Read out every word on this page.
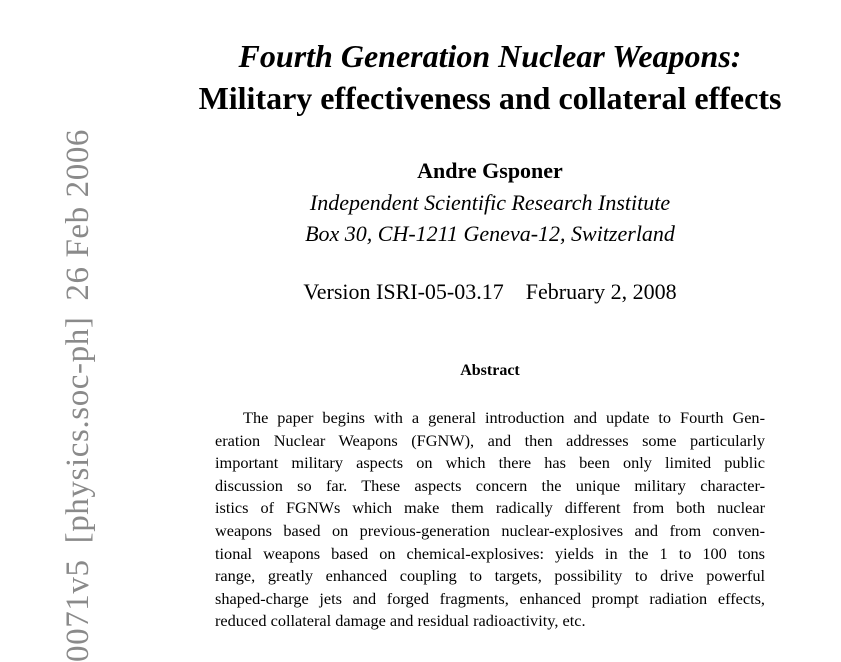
0071v5[physics.soc-ph]26 Feb 2006
Fourth Generation Nuclear Weapons:
Military effectiveness and collateral effects
Andre Gsponer
Independent Scientific Research Institute
Box 30, CH-1211 Geneva-12, Switzerland
Version ISRI-05-03.17 February 2, 2008
Abstract
The paper begins with a general introduction and update to Fourth Gen-
eration Nuclear Weapons (FGNW), and then addresses some particularly
important military aspects on which there has been only limited public
discussion so far. These aspects concern the unique military character-
istics of FGNWs which make them radically different from both nuclear
weapons based on previous-generation nuclear-explosives and from conven-
tional weapons based on chemical-explosives: yields in the 1 to 100 tons
range, greatly enhanced coupling to targets, possibility to drive powerful
shaped-charge jets and forged fragments, enhanced prompt radiation effects,
reduced collateral damage and residual radioactivity, etc.
